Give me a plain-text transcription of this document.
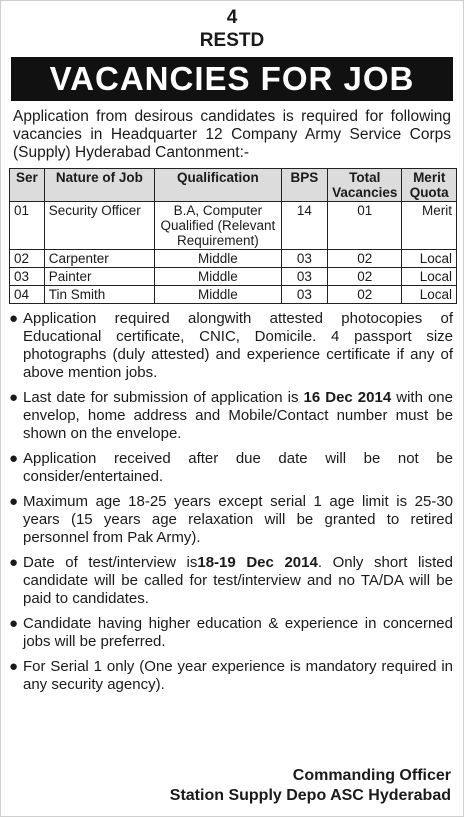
4
RESTD
VACANCIES FOR JOB
Application from desirous candidates is required for following vacancies in Headquarter 12 Company Army Service Corps (Supply) Hyderabad Cantonment:-
Ser	Nature of Job	Qualification	BPS	Total Vacancies	Merit Quota
01	Security Officer	B.A, Computer Qualified (Relevant Requirement)	14	01	Merit
02	Carpenter	Middle	03	02	Local
03	Painter	Middle	03	02	Local
04	Tin Smith	Middle	03	02	Local
● Application required alongwith attested photocopies of Educational certificate, CNIC, Domicile. 4 passport size photographs (duly attested) and experience certificate if any of above mention jobs.
● Last date for submission of application is 16 Dec 2014 with one envelop, home address and Mobile/Contact number must be shown on the envelope.
● Application received after due date will be not be consider/entertained.
● Maximum age 18-25 years except serial 1 age limit is 25-30 years (15 years age relaxation will be granted to retired personnel from Pak Army).
● Date of test/interview is18-19 Dec 2014. Only short listed candidate will be called for test/interview and no TA/DA will be paid to candidates.
● Candidate having higher education & experience in concerned jobs will be preferred.
● For Serial 1 only (One year experience is mandatory required in any security agency).
Commanding Officer
Station Supply Depo ASC Hyderabad
